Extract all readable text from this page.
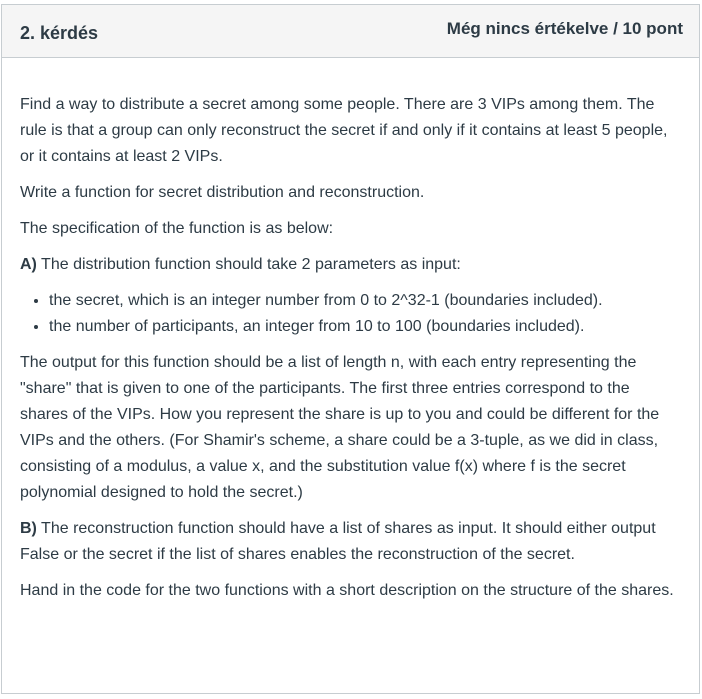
2. kérdés	Még nincs értékelve / 10 pont

Find a way to distribute a secret among some people. There are 3 VIPs among them. The rule is that a group can only reconstruct the secret if and only if it contains at least 5 people, or it contains at least 2 VIPs.

Write a function for secret distribution and reconstruction.

The specification of the function is as below:

A) The distribution function should take 2 parameters as input:

• the secret, which is an integer number from 0 to 2^32-1 (boundaries included).
• the number of participants, an integer from 10 to 100 (boundaries included).

The output for this function should be a list of length n, with each entry representing the "share" that is given to one of the participants. The first three entries correspond to the shares of the VIPs. How you represent the share is up to you and could be different for the VIPs and the others. (For Shamir's scheme, a share could be a 3-tuple, as we did in class, consisting of a modulus, a value x, and the substitution value f(x) where f is the secret polynomial designed to hold the secret.)

B) The reconstruction function should have a list of shares as input. It should either output False or the secret if the list of shares enables the reconstruction of the secret.

Hand in the code for the two functions with a short description on the structure of the shares.
